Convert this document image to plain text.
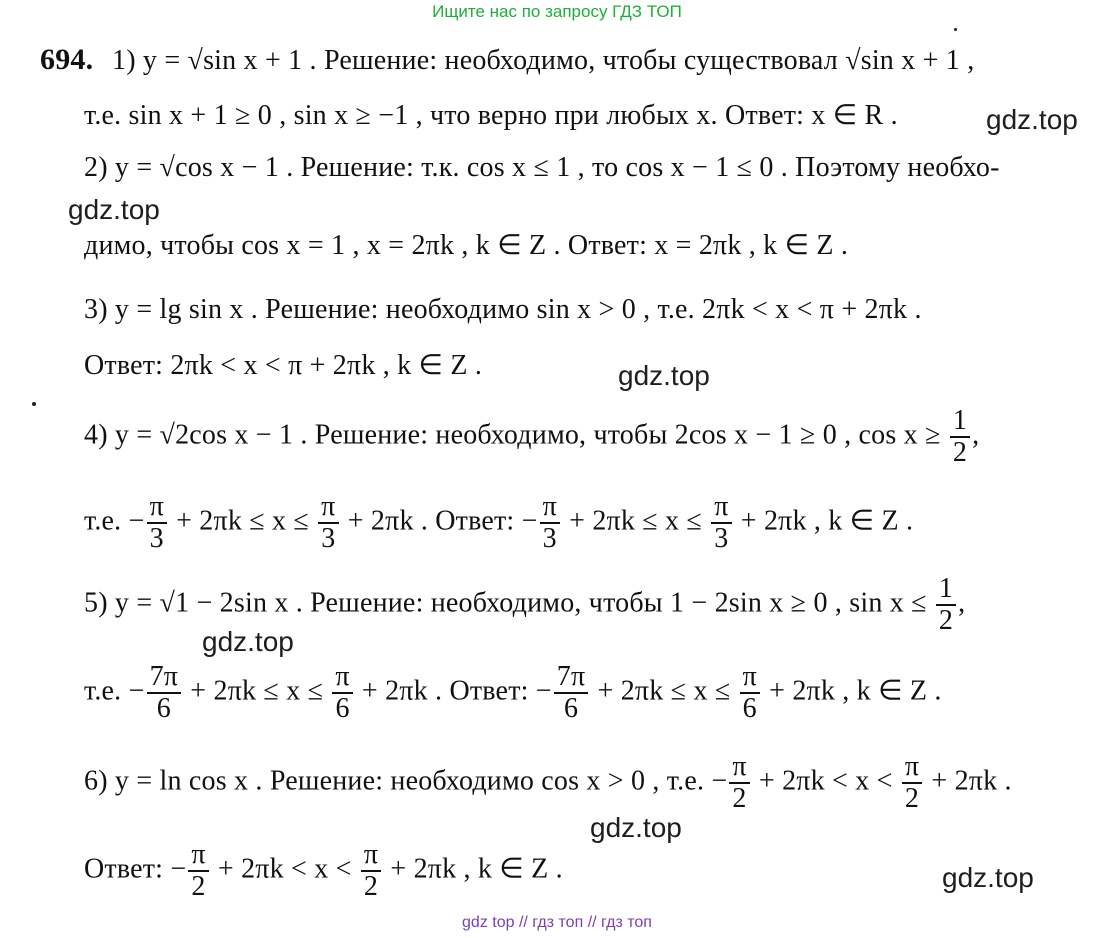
Ищите нас по запросу ГДЗ ТОП
694. 1) y = √sin x + 1 . Решение: необходимо, чтобы существовал √sin x + 1 ,
т.е. sin x + 1 ≥ 0 , sin x ≥ −1 , что верно при любых x. Ответ: x ∈ R .
2) y = √cos x − 1 . Решение: т.к. cos x ≤ 1 , то cos x − 1 ≤ 0 . Поэтому необхо-
димо, чтобы cos x = 1 , x = 2πk , k ∈ Z . Ответ: x = 2πk , k ∈ Z .
3) y = lg sin x . Решение: необходимо sin x > 0 , т.е. 2πk < x < π + 2πk .
Ответ: 2πk < x < π + 2πk , k ∈ Z .
4) y = √2cos x − 1 . Решение: необходимо, чтобы 2cos x − 1 ≥ 0 , $\cos x \ge \frac{1}{2}$ ,
т.е. − $\frac{\pi}{3} + 2\pi k \le x \le \frac{\pi}{3} + 2\pi k$ . Ответ: − $\frac{\pi}{3} + 2\pi k \le x \le \frac{\pi}{3} + 2\pi k$ , k ∈ Z .
5) y = √1 − 2sin x . Решение: необходимо, чтобы 1 − 2sin x ≥ 0 , $\sin x \le \frac{1}{2}$ ,
т.е. − $\frac{7\pi}{6} + 2\pi k \le x \le \frac{\pi}{6} + 2\pi k$ . Ответ: − $\frac{7\pi}{6} + 2\pi k \le x \le \frac{\pi}{6} + 2\pi k$ , k ∈ Z .
6) y = ln cos x . Решение: необходимо cos x > 0 , т.е. − $\frac{\pi}{2} + 2\pi k < x < \frac{\pi}{2} + 2\pi k$ .
Ответ: − $\frac{\pi}{2} + 2\pi k < x < \frac{\pi}{2} + 2\pi k$ , k ∈ Z .
gdz.top
gdz.top
gdz.top
gdz.top
gdz.top
gdz.top
gdz top // гдз топ // гдз топ
